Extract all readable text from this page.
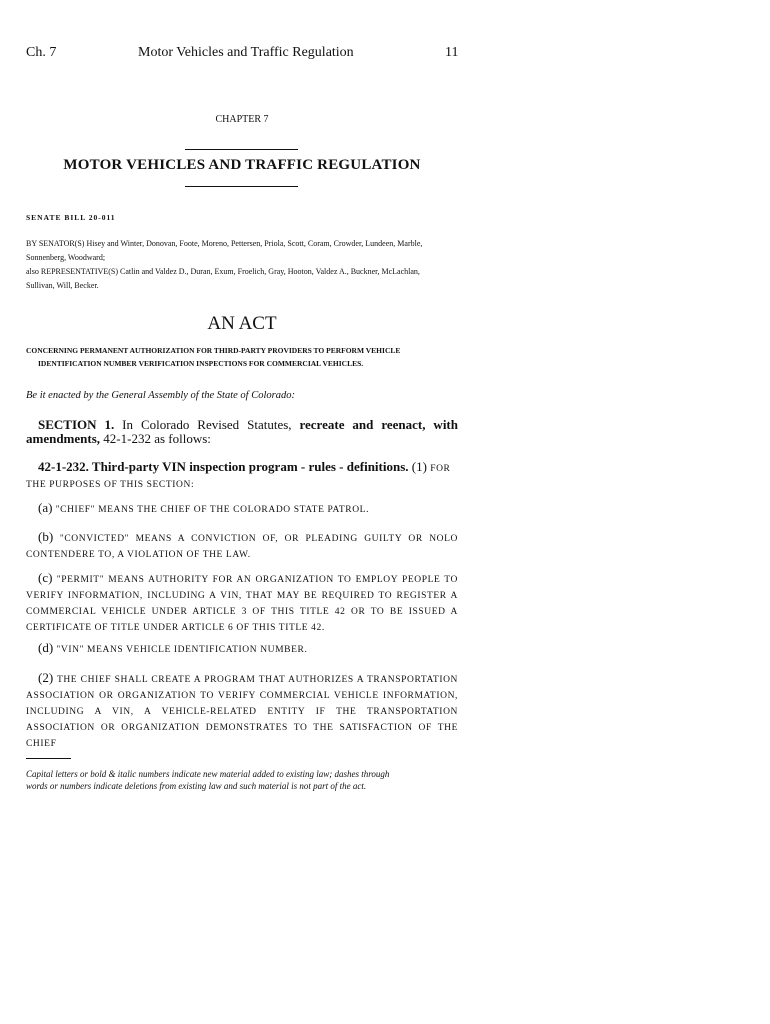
Ch. 7	Motor Vehicles and Traffic Regulation	11
CHAPTER 7
MOTOR VEHICLES AND TRAFFIC REGULATION
SENATE BILL 20-011
BY SENATOR(S) Hisey and Winter, Donovan, Foote, Moreno, Pettersen, Priola, Scott, Coram, Crowder, Lundeen, Marble,
Sonnenberg, Woodward;
also REPRESENTATIVE(S) Catlin and Valdez D., Duran, Exum, Froelich, Gray, Hooton, Valdez A., Buckner, McLachlan,
Sullivan, Will, Becker.
AN ACT
CONCERNING PERMANENT AUTHORIZATION FOR THIRD-PARTY PROVIDERS TO PERFORM VEHICLE
IDENTIFICATION NUMBER VERIFICATION INSPECTIONS FOR COMMERCIAL VEHICLES.
Be it enacted by the General Assembly of the State of Colorado:
SECTION 1. In Colorado Revised Statutes, recreate and reenact, with amendments, 42-1-232 as follows:
42-1-232. Third-party VIN inspection program - rules - definitions. (1) FOR THE PURPOSES OF THIS SECTION:
(a) "CHIEF" MEANS THE CHIEF OF THE COLORADO STATE PATROL.
(b) "CONVICTED" MEANS A CONVICTION OF, OR PLEADING GUILTY OR NOLO CONTENDERE TO, A VIOLATION OF THE LAW.
(c) "PERMIT" MEANS AUTHORITY FOR AN ORGANIZATION TO EMPLOY PEOPLE TO VERIFY INFORMATION, INCLUDING A VIN, THAT MAY BE REQUIRED TO REGISTER A COMMERCIAL VEHICLE UNDER ARTICLE 3 OF THIS TITLE 42 OR TO BE ISSUED A CERTIFICATE OF TITLE UNDER ARTICLE 6 OF THIS TITLE 42.
(d) "VIN" MEANS VEHICLE IDENTIFICATION NUMBER.
(2) THE CHIEF SHALL CREATE A PROGRAM THAT AUTHORIZES A TRANSPORTATION ASSOCIATION OR ORGANIZATION TO VERIFY COMMERCIAL VEHICLE INFORMATION, INCLUDING A VIN, A VEHICLE-RELATED ENTITY IF THE TRANSPORTATION ASSOCIATION OR ORGANIZATION DEMONSTRATES TO THE SATISFACTION OF THE CHIEF
Capital letters or bold & italic numbers indicate new material added to existing law; dashes through
words or numbers indicate deletions from existing law and such material is not part of the act.
